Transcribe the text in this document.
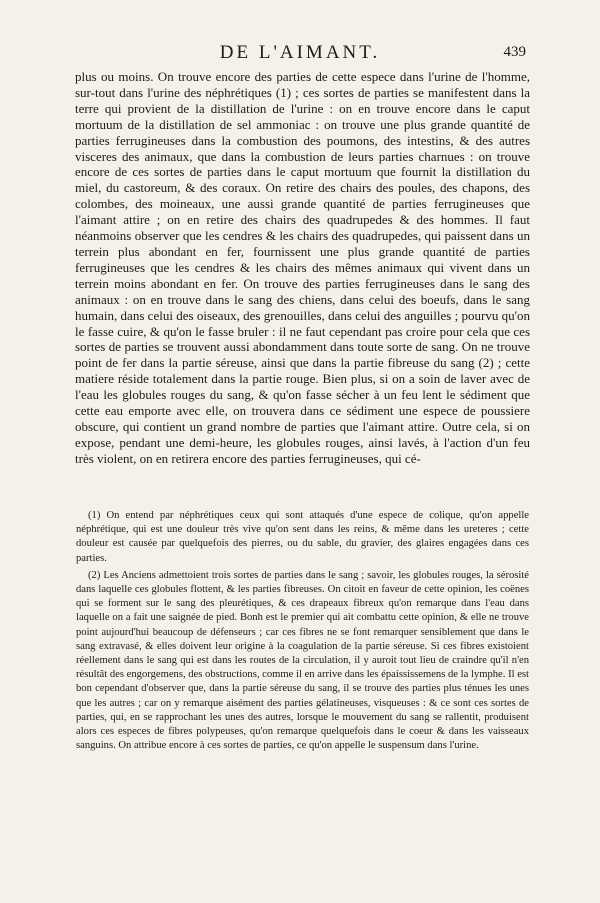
DE L'AIMANT.	439

plus ou moins. On trouve encore des parties de cette espece dans l'urine de l'homme, sur-tout dans l'urine des néphrétiques (1) ; ces sortes de parties se manifestent dans la terre qui provient de la distillation de l'urine : on en trouve encore dans le caput mortuum de la distillation de sel ammoniac : on trouve une plus grande quantité de parties ferrugineuses dans la combustion des poumons, des intestins, & des autres visceres des animaux, que dans la combustion de leurs parties charnues : on trouve encore de ces sortes de parties dans le caput mortuum que fournit la distillation du miel, du castoreum, & des coraux. On retire des chairs des poules, des chapons, des colombes, des moineaux, une aussi grande quantité de parties ferrugineuses que l'aimant attire ; on en retire des chairs des quadrupedes & des hommes. Il faut néanmoins observer que les cendres & les chairs des quadrupedes, qui paissent dans un terrein plus abondant en fer, fournissent une plus grande quantité de parties ferrugineuses que les cendres & les chairs des mêmes animaux qui vivent dans un terrein moins abondant en fer. On trouve des parties ferrugineuses dans le sang des animaux : on en trouve dans le sang des chiens, dans celui des boeufs, dans le sang humain, dans celui des oiseaux, des grenouilles, dans celui des anguilles ; pourvu qu'on le fasse cuire, & qu'on le fasse bruler : il ne faut cependant pas croire pour cela que ces sortes de parties se trouvent aussi abondamment dans toute sorte de sang. On ne trouve point de fer dans la partie séreuse, ainsi que dans la partie fibreuse du sang (2) ; cette matiere réside totalement dans la partie rouge. Bien plus, si on a soin de laver avec de l'eau les globules rouges du sang, & qu'on fasse sécher à un feu lent le sédiment que cette eau emporte avec elle, on trouvera dans ce sédiment une espece de poussiere obscure, qui contient un grand nombre de parties que l'aimant attire. Outre cela, si on expose, pendant une demi-heure, les globules rouges, ainsi lavés, à l'action d'un feu très violent, on en retirera encore des parties ferrugineuses, qui cé-

(1) On entend par néphrétiques ceux qui sont attaqués d'une espece de colique, qu'on appelle néphrétique, qui est une douleur très vive qu'on sent dans les reins, & même dans les ureteres ; cette douleur est causée par quelquefois des pierres, ou du sable, du gravier, des glaires engagées dans ces parties.

(2) Les Anciens admettoient trois sortes de parties dans le sang ; savoir, les globules rouges, la sérosité dans laquelle ces globules flottent, & les parties fibreuses. On citoit en faveur de cette opinion, les coënes qui se forment sur le sang des pleurétiques, & ces drapeaux fibreux qu'on remarque dans l'eau dans laquelle on a fait une saignée de pied. Bonh est le premier qui ait combattu cette opinion, & elle ne trouve point aujourd'hui beaucoup de défenseurs ; car ces fibres ne se font remarquer sensiblement que dans le sang extravasé, & elles doivent leur origine à la coagulation de la partie séreuse. Si ces fibres existoient réellement dans le sang qui est dans les routes de la circulation, il y auroit tout lieu de craindre qu'il n'en résultât des engorgemens, des obstructions, comme il en arrive dans les épaississemens de la lymphe. Il est bon cependant d'observer que, dans la partie séreuse du sang, il se trouve des parties plus ténues les unes que les autres ; car on y remarque aisément des parties gélatineuses, visqueuses : & ce sont ces sortes de parties, qui, en se rapprochant les unes des autres, lorsque le mouvement du sang se rallentit, produisent alors ces especes de fibres polypeuses, qu'on remarque quelquefois dans le coeur & dans les vaisseaux sanguins. On attribue encore à ces sortes de parties, ce qu'on appelle le suspensum dans l'urine.
